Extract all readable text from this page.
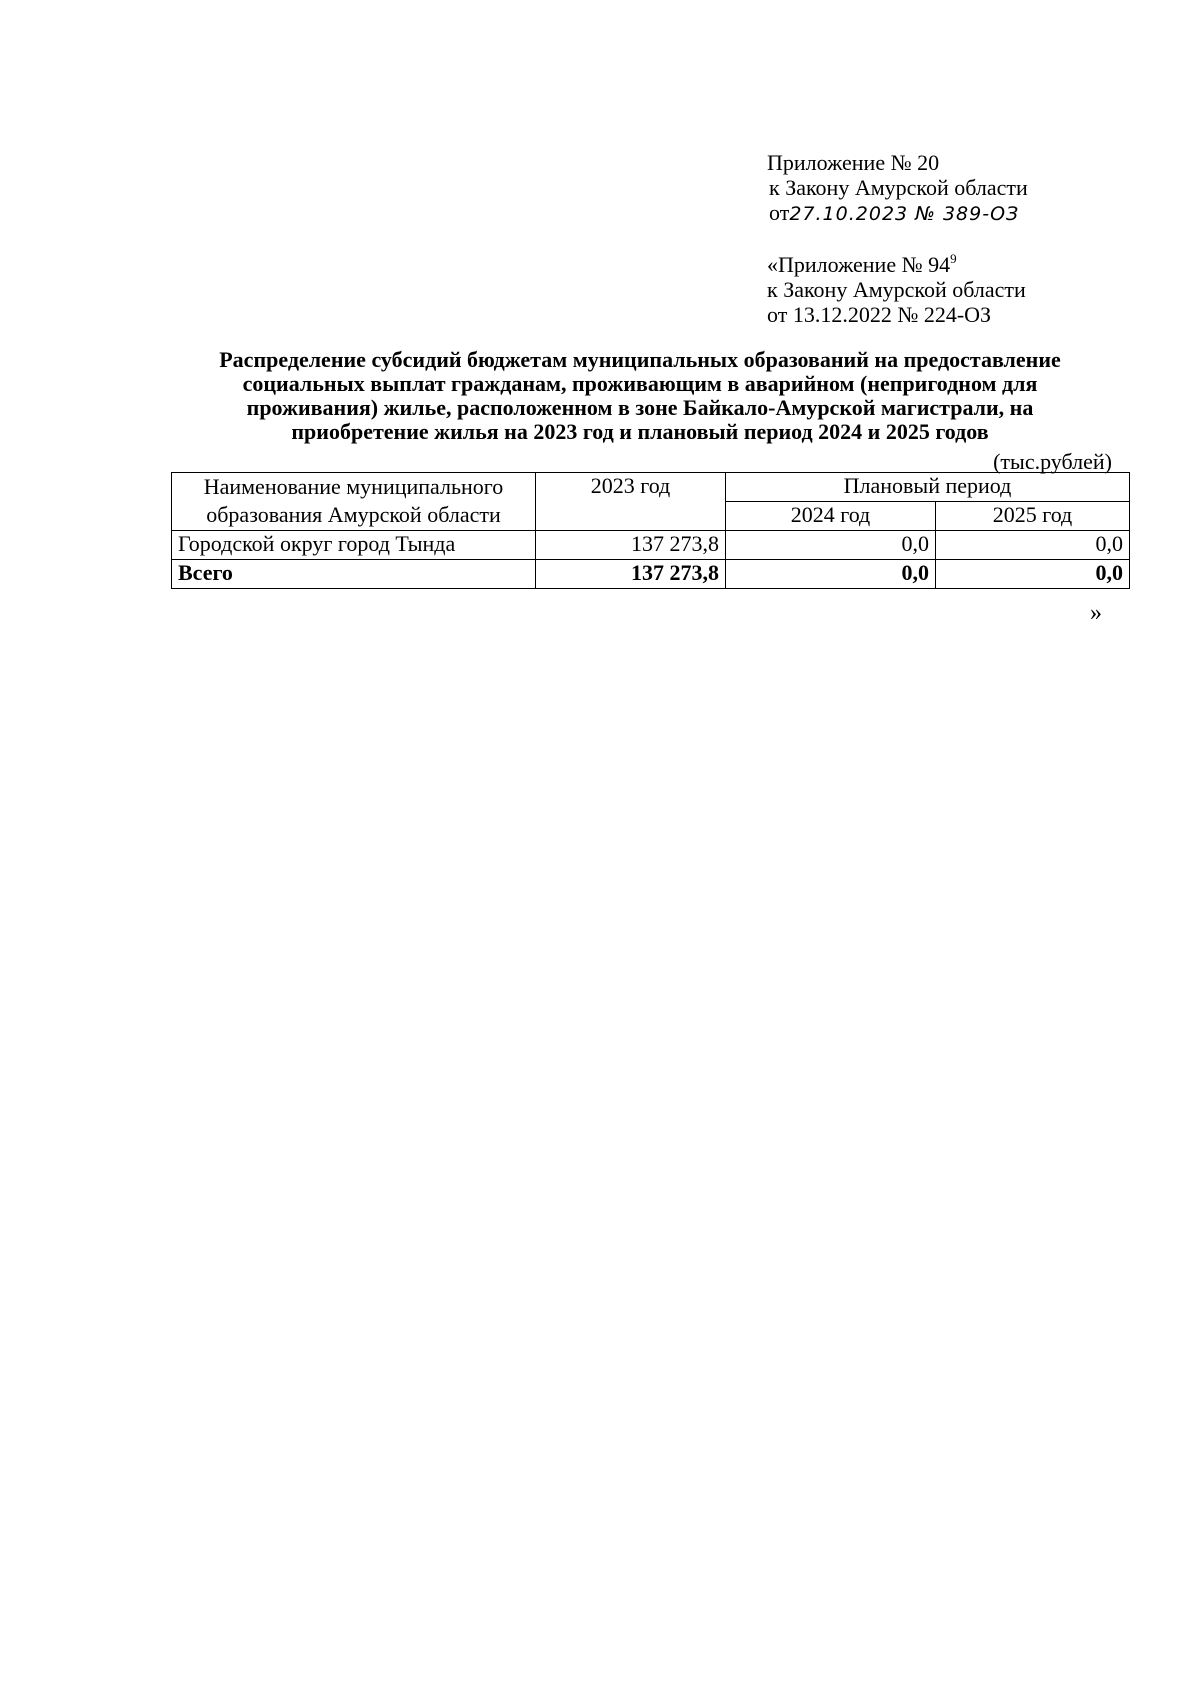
Приложение № 20
к Закону Амурской области
от27.10.2023 № 389-ОЗ
«Приложение № $94^9$
к Закону Амурской области
от 13.12.2022 № 224-ОЗ
Распределение субсидий бюджетам муниципальных образований на предоставление
социальных выплат гражданам, проживающим в аварийном (непригодном для
проживания) жилье, расположенном в зоне Байкало-Амурской магистрали, на
приобретение жилья на 2023 год и плановый период 2024 и 2025 годов
(тыс.рублей)
Наименование муниципального
образования Амурской области	2023 год	Плановый период	
		2024 год	2025 год
Городской округ город Тында	137 273,8	0,0	0,0
Всего	137 273,8	0,0	0,0
»
